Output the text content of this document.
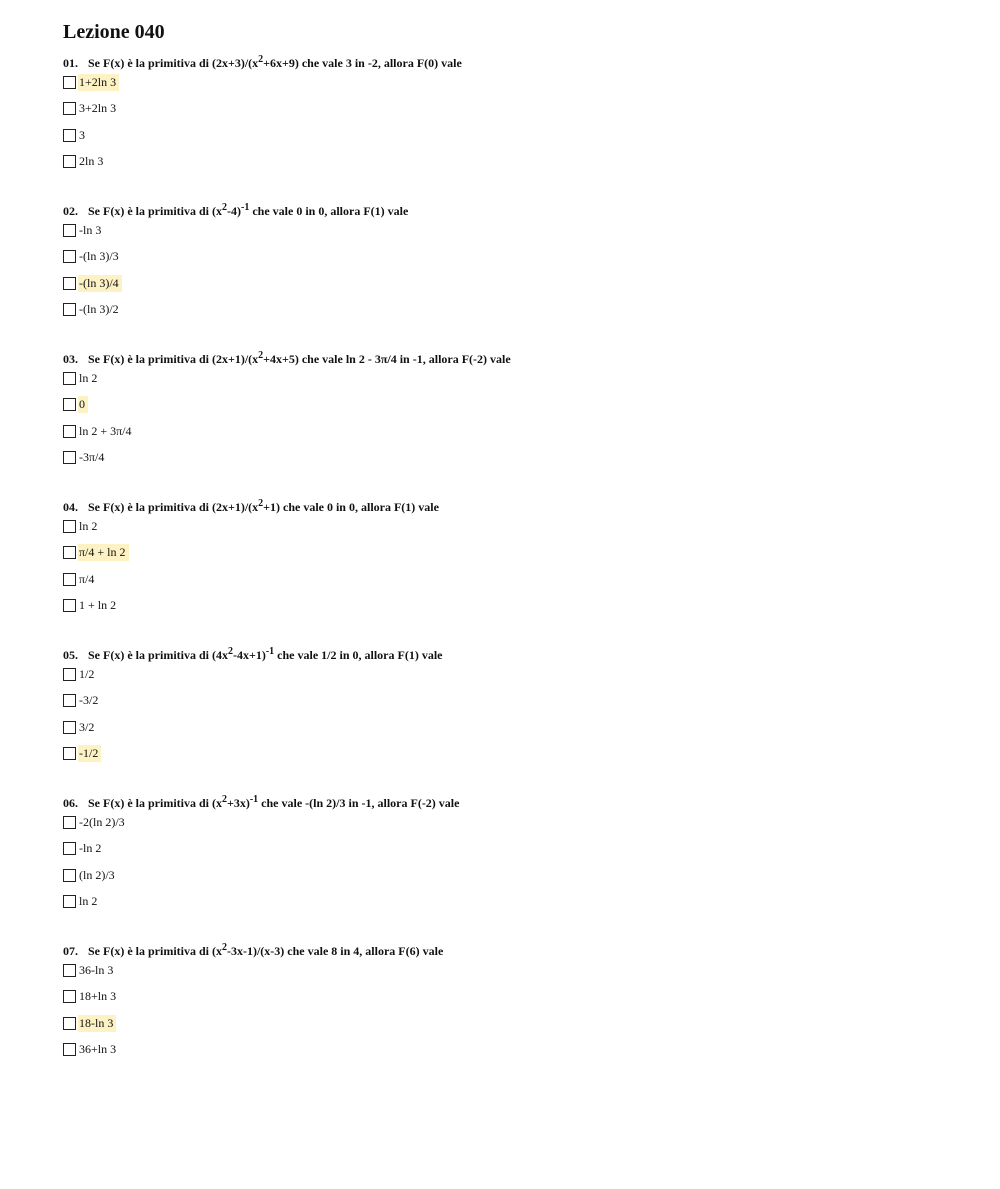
Lezione 040
01. Se F(x) è la primitiva di $(2x+3)/(x^2+6x+9)$ che vale 3 in -2, allora F(0) vale
1+2ln 3
3+2ln 3
3
2ln 3
02. Se F(x) è la primitiva di $(x^2-4)^{-1}$ che vale 0 in 0, allora F(1) vale
-ln 3
-(ln 3)/3
-(ln 3)/4
-(ln 3)/2
03. Se F(x) è la primitiva di $(2x+1)/(x^2+4x+5)$ che vale ln 2 - 3π/4 in -1, allora F(-2) vale
ln 2
0
ln 2 + 3π/4
-3π/4
04. Se F(x) è la primitiva di $(2x+1)/(x^2+1)$ che vale 0 in 0, allora F(1) vale
ln 2
π/4 + ln 2
π/4
1 + ln 2
05. Se F(x) è la primitiva di $(4x^2-4x+1)^{-1}$ che vale 1/2 in 0, allora F(1) vale
1/2
-3/2
3/2
-1/2
06. Se F(x) è la primitiva di $(x^2+3x)^{-1}$ che vale -(ln 2)/3 in -1, allora F(-2) vale
-2(ln 2)/3
-ln 2
(ln 2)/3
ln 2
07. Se F(x) è la primitiva di $(x^2-3x-1)/(x-3)$ che vale 8 in 4, allora F(6) vale
36-ln 3
18+ln 3
18-ln 3
36+ln 3
